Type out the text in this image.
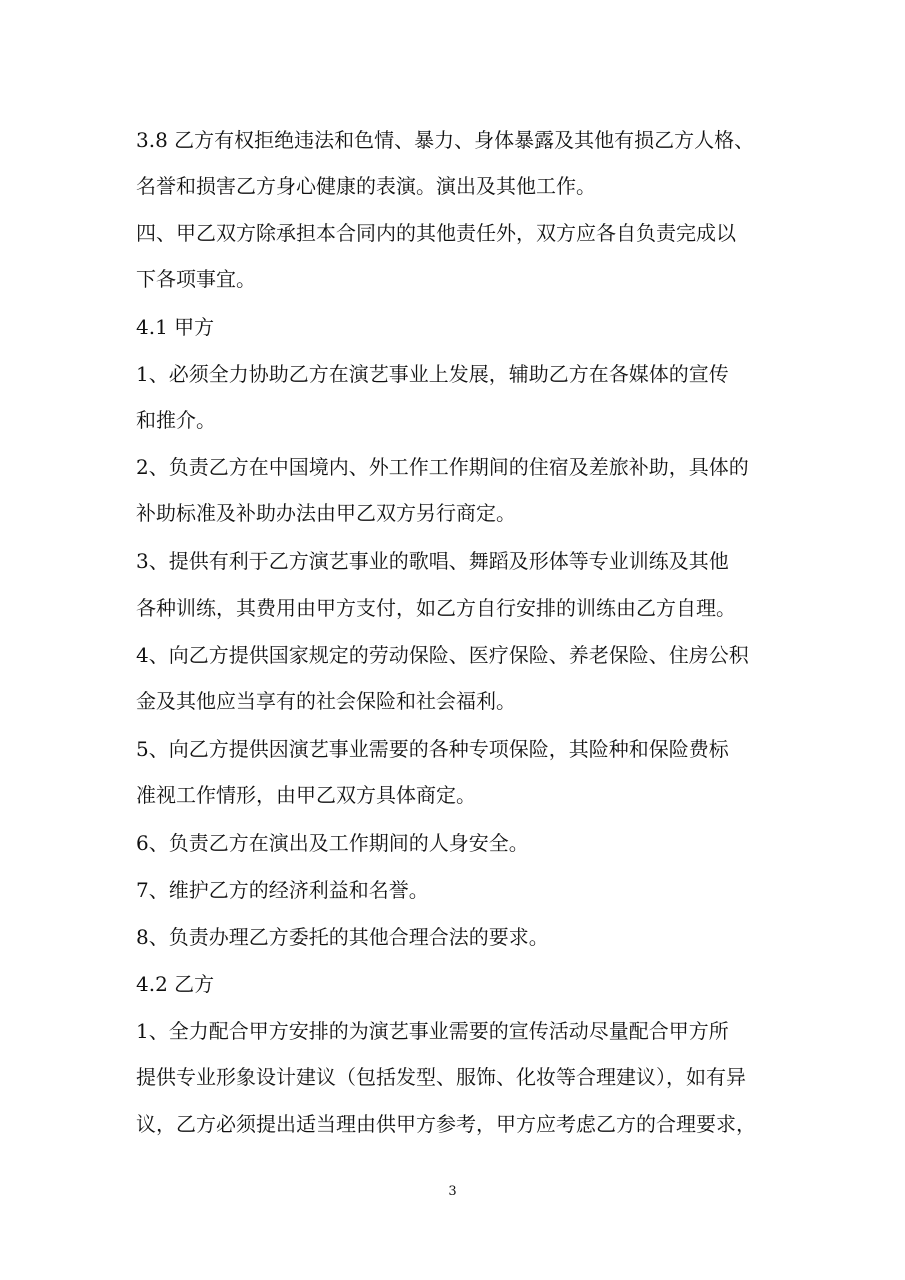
3.8 乙方有权拒绝违法和色情、暴力、身体暴露及其他有损乙方人格、
名誉和损害乙方身心健康的表演。演出及其他工作。
四、甲乙双方除承担本合同内的其他责任外，双方应各自负责完成以
下各项事宜。
4.1 甲方
1、必须全力协助乙方在演艺事业上发展，辅助乙方在各媒体的宣传
和推介。
2、负责乙方在中国境内、外工作工作期间的住宿及差旅补助，具体的
补助标准及补助办法由甲乙双方另行商定。
3、提供有利于乙方演艺事业的歌唱、舞蹈及形体等专业训练及其他
各种训练，其费用由甲方支付，如乙方自行安排的训练由乙方自理。
4、向乙方提供国家规定的劳动保险、医疗保险、养老保险、住房公积
金及其他应当享有的社会保险和社会福利。
5、向乙方提供因演艺事业需要的各种专项保险，其险种和保险费标
准视工作情形，由甲乙双方具体商定。
6、负责乙方在演出及工作期间的人身安全。
7、维护乙方的经济利益和名誉。
8、负责办理乙方委托的其他合理合法的要求。
4.2 乙方
1、全力配合甲方安排的为演艺事业需要的宣传活动尽量配合甲方所
提供专业形象设计建议（包括发型、服饰、化妆等合理建议），如有异
议，乙方必须提出适当理由供甲方参考，甲方应考虑乙方的合理要求，
3
